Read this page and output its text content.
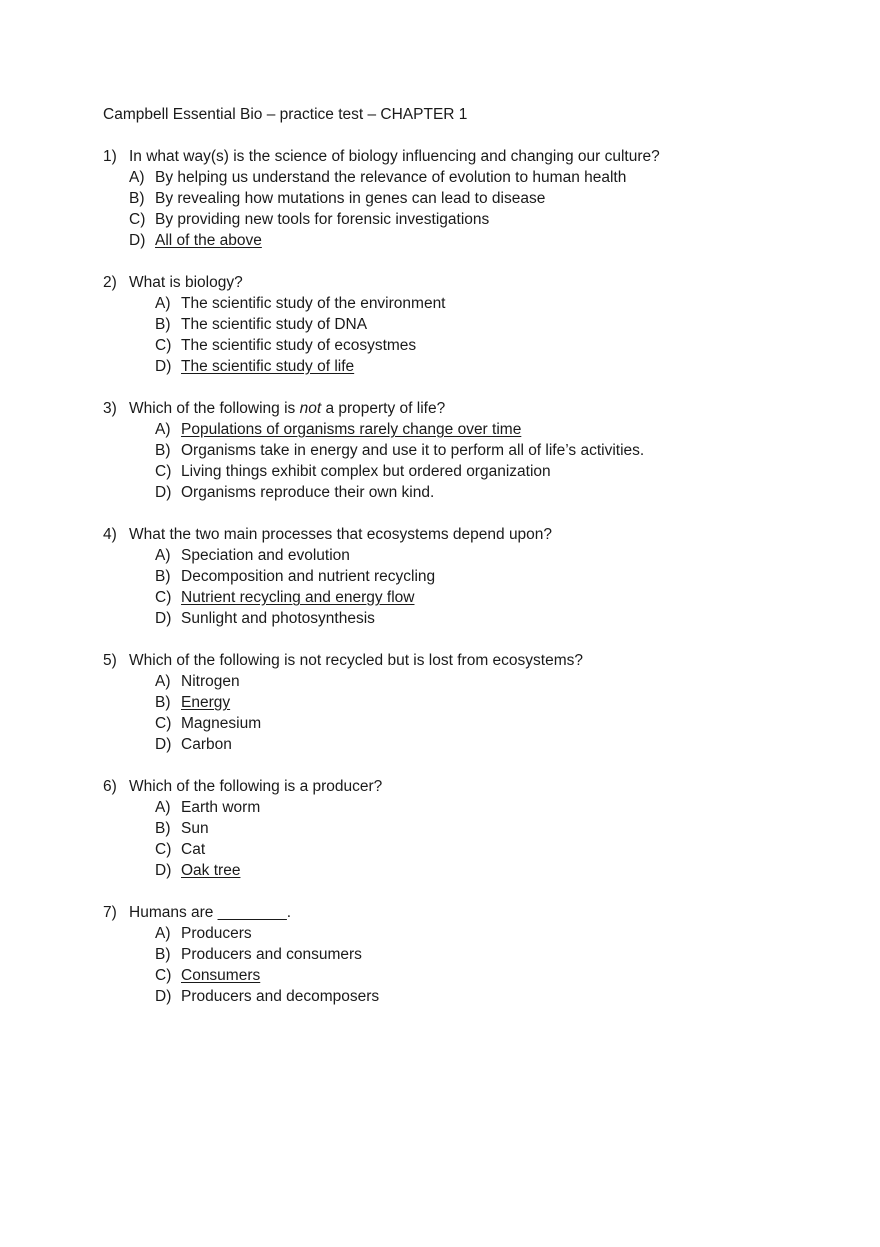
Campbell Essential Bio – practice test – CHAPTER 1
1) In what way(s) is the science of biology influencing and changing our culture?
A) By helping us understand the relevance of evolution to human health
B) By revealing how mutations in genes can lead to disease
C) By providing new tools for forensic investigations
D) All of the above
2) What is biology?
A) The scientific study of the environment
B) The scientific study of DNA
C) The scientific study of ecosystmes
D) The scientific study of life
3) Which of the following is not a property of life?
A) Populations of organisms rarely change over time
B) Organisms take in energy and use it to perform all of life’s activities.
C) Living things exhibit complex but ordered organization
D) Organisms reproduce their own kind.
4) What the two main processes that ecosystems depend upon?
A) Speciation and evolution
B) Decomposition and nutrient recycling
C) Nutrient recycling and energy flow
D) Sunlight and photosynthesis
5) Which of the following is not recycled but is lost from ecosystems?
A) Nitrogen
B) Energy
C) Magnesium
D) Carbon
6) Which of the following is a producer?
A) Earth worm
B) Sun
C) Cat
D) Oak tree
7) Humans are ________.
A) Producers
B) Producers and consumers
C) Consumers
D) Producers and decomposers
